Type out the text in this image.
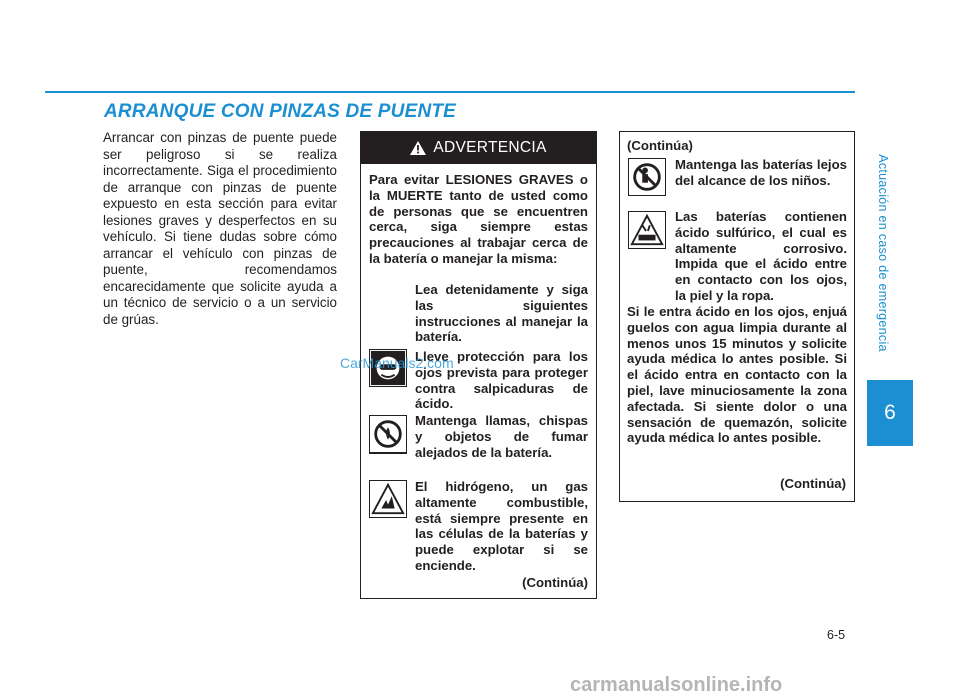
ARRANQUE CON PINZAS DE PUENTE

Arrancar con pinzas de puente puede ser peligroso si se realiza incorrectamente. Siga el procedimiento de arranque con pinzas de puente expuesto en esta sección para evitar lesiones graves y desperfectos en su vehículo. Si tiene dudas sobre cómo arrancar el vehículo con pinzas de puente, recomendamos encarecidamente que solicite ayuda a un técnico de servicio o a un servicio de grúas.

ADVERTENCIA
Para evitar LESIONES GRAVES o la MUERTE tanto de usted como de personas que se encuentren cerca, siga siempre estas precauciones al trabajar cerca de la batería o manejar la misma:
Lea detenidamente y siga las siguientes instrucciones al manejar la batería.
Lleve protección para los ojos prevista para proteger contra salpicaduras de ácido.
Mantenga llamas, chispas y objetos de fumar alejados de la batería.
El hidrógeno, un gas altamente combustible, está siempre presente en las células de la baterías y puede explotar si se enciende.
(Continúa)
(Continúa)
Mantenga las baterías lejos del alcance de los niños.
Las baterías contienen ácido sulfúrico, el cual es altamente corrosivo. Impida que el ácido entre en contacto con los ojos, la piel y la ropa.
Si le entra ácido en los ojos, enjuá guelos con agua limpia durante al menos unos 15 minutos y solicite ayuda médica lo antes posible. Si el ácido entra en contacto con la piel, lave minuciosamente la zona afectada. Si siente dolor o una sensación de quemazón, solicite ayuda médica lo antes posible.
(Continúa)
Actuación en caso de emergencia
6
6-5
CarManuals2.com
carmanualsonline.info
